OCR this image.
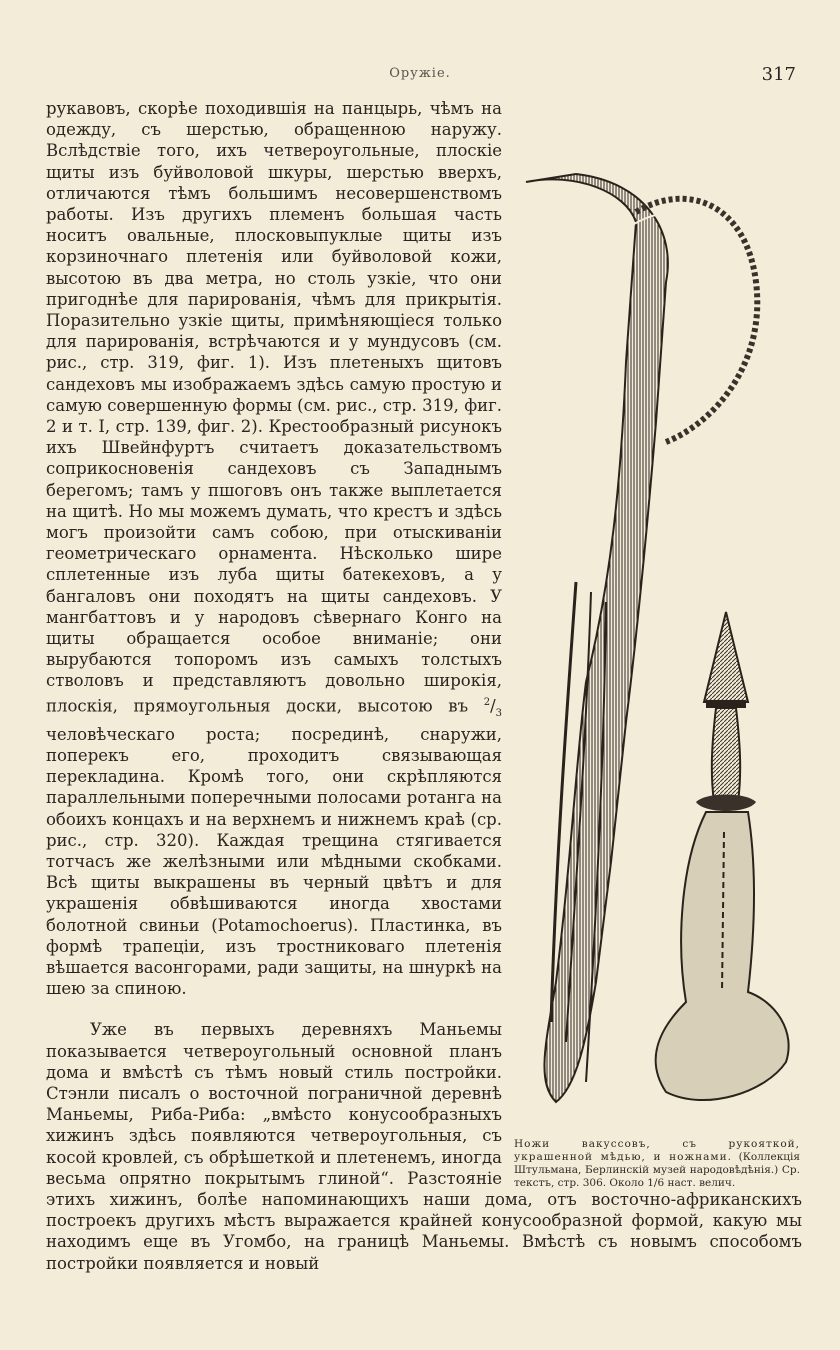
Оружіе.	317

рукавовъ, скорѣе походившія на панцырь, чѣмъ на одежду, съ шерстью, обращенною наружу. Вслѣдствіе того, ихъ четвероугольные, плоскіе щиты изъ буйволовой шкуры, шерстью вверхъ, отличаются тѣмъ большимъ несовершенствомъ работы. Изъ другихъ племенъ большая часть носитъ овальные, плосковыпуклые щиты изъ корзиночнаго плетенія или буйволовой кожи, высотою въ два метра, но столь узкіе, что они пригоднѣе для парированія, чѣмъ для прикрытія. Поразительно узкіе щиты, примѣняющіеся только для парированія, встрѣчаются и у мундусовъ (см. рис., стр. 319, фиг. 1). Изъ плетеныхъ щитовъ сандеховъ мы изображаемъ здѣсь самую простую и самую совершенную формы (см. рис., стр. 319, фиг. 2 и т. I, стр. 139, фиг. 2). Крестообразный рисунокъ ихъ Швейнфуртъ считаетъ доказательствомъ соприкосновенія сандеховъ съ Западнымъ берегомъ; тамъ у пшоговъ онъ также выплетается на щитѣ. Но мы можемъ думать, что крестъ и здѣсь могъ произойти самъ собою, при отыскиваніи геометрическаго орнамента. Нѣсколько шире сплетенные изъ луба щиты батекеховъ, а у бангаловъ они походятъ на щиты сандеховъ. У мангбаттовъ и у народовъ сѣвернаго Конго на щиты обращается особое вниманіе; они вырубаются топоромъ изъ самыхъ толстыхъ стволовъ и представляютъ довольно широкія, плоскія, прямоугольныя доски, высотою въ $^2/_3$ человѣческаго роста; посрединѣ, снаружи, поперекъ его, проходитъ связывающая перекладина. Кромѣ того, они скрѣпляются параллельными поперечными полосами ротанга на обоихъ концахъ и на верхнемъ и нижнемъ краѣ (ср. рис., стр. 320). Каждая трещина стягивается тотчасъ же желѣзными или мѣдными скобками. Всѣ щиты выкрашены въ черный цвѣтъ и для украшенія обвѣшиваются иногда хвостами болотной свиньи (Potamochoerus). Пластинка, въ формѣ трапеціи, изъ тростниковаго плетенія вѣшается васонгорами, ради защиты, на шнуркѣ на шею за спиною.

Уже въ первыхъ деревняхъ Маньемы показывается четвероугольный основной планъ дома и вмѣстѣ съ тѣмъ новый стиль постройки. Стэнли писалъ о восточной пограничной деревнѣ Маньемы, Риба-Риба: „вмѣсто конусообразныхъ хижинъ здѣсь появляются четвероугольныя, съ косой кровлей, съ обрѣшеткой и плетенемъ, иногда весьма опрятно покрытымъ глиной“. Разстояніе этихъ хижинъ, болѣе напоминающихъ наши дома, отъ восточно-африканскихъ построекъ другихъ мѣстъ выражается крайней конусообразной формой, какую мы находимъ еще въ Угомбо, на границѣ Маньемы. Вмѣстѣ съ новымъ способомъ постройки появляется и новый

Ножи вакуссовъ, съ рукояткой, украшенной мѣдью, и ножнами. (Коллекція Штульмана, Берлинскій музей народовѣдѣнія.) Ср. текстъ, стр. 306. Около 1/6 наст. велич.
